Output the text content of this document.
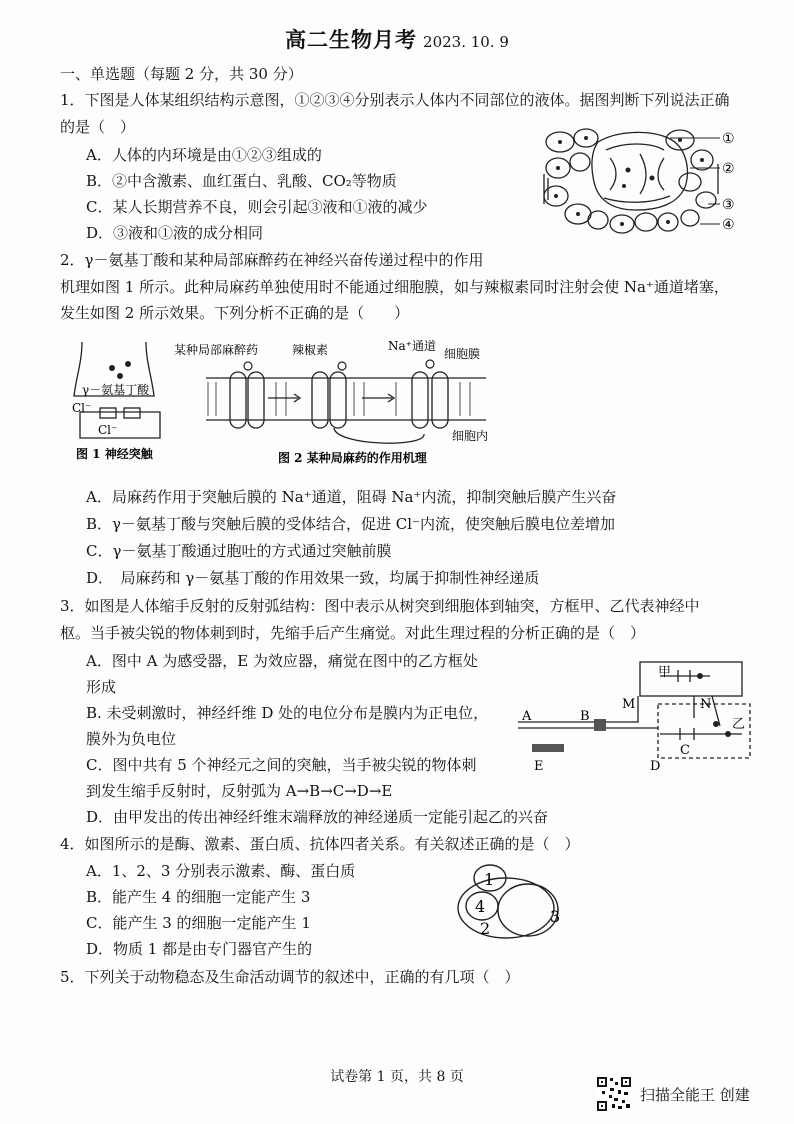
高二生物月考 2023. 10. 9
一、单选题（每题 2 分，共 30 分）
1．下图是人体某组织结构示意图，①②③④分别表示人体内不同部位的液体。据图判断下列说法正确
的是（　）
A．人体的内环境是由①②③组成的
B．②中含激素、血红蛋白、乳酸、CO₂等物质
C．某人长期营养不良，则会引起③液和①液的减少
D．③液和①液的成分相同
①
②
③
④
2．γ－氨基丁酸和某种局部麻醉药在神经兴奋传递过程中的作用
机理如图 1 所示。此种局麻药单独使用时不能通过细胞膜，如与辣椒素同时注射会使 Na⁺通道堵塞，
发生如图 2 所示效果。下列分析不正确的是（　　）
γ－氨基丁酸
Cl⁻
Cl⁻
图 1 神经突触
某种局部麻醉药	辣椒素	Na⁺通道
细胞膜
细胞内
图 2 某种局麻药的作用机理
A．局麻药作用于突触后膜的 Na⁺通道，阻碍 Na⁺内流，抑制突触后膜产生兴奋
B．γ－氨基丁酸与突触后膜的受体结合，促进 Cl⁻内流，使突触后膜电位差增加
C．γ－氨基丁酸通过胞吐的方式通过突触前膜
D．　局麻药和 γ－氨基丁酸的作用效果一致，均属于抑制性神经递质
3．如图是人体缩手反射的反射弧结构：图中表示从树突到细胞体到轴突，方框甲、乙代表神经中
枢。当手被尖锐的物体刺到时，先缩手后产生痛觉。对此生理过程的分析正确的是（　）
A．图中 A 为感受器，E 为效应器，痛觉在图中的乙方框处
形成
B. 未受刺激时，神经纤维 D 处的电位分布是膜内为正电位，
膜外为负电位
C．图中共有 5 个神经元之间的突触，当手被尖锐的物体刺
到发生缩手反射时，反射弧为 A→B→C→D→E
D．由甲发出的传出神经纤维末端释放的神经递质一定能引起乙的兴奋
甲
乙
A	B
C
D
E
M	N
4．如图所示的是酶、激素、蛋白质、抗体四者关系。有关叙述正确的是（　）
A．1、2、3 分别表示激素、酶、蛋白质
B．能产生 4 的细胞一定能产生 3
C．能产生 3 的细胞一定能产生 1
D．物质 1 都是由专门器官产生的
1
2
3
4
5．下列关于动物稳态及生命活动调节的叙述中，正确的有几项（　）
试卷第 1 页，共 8 页
扫描全能王 创建
